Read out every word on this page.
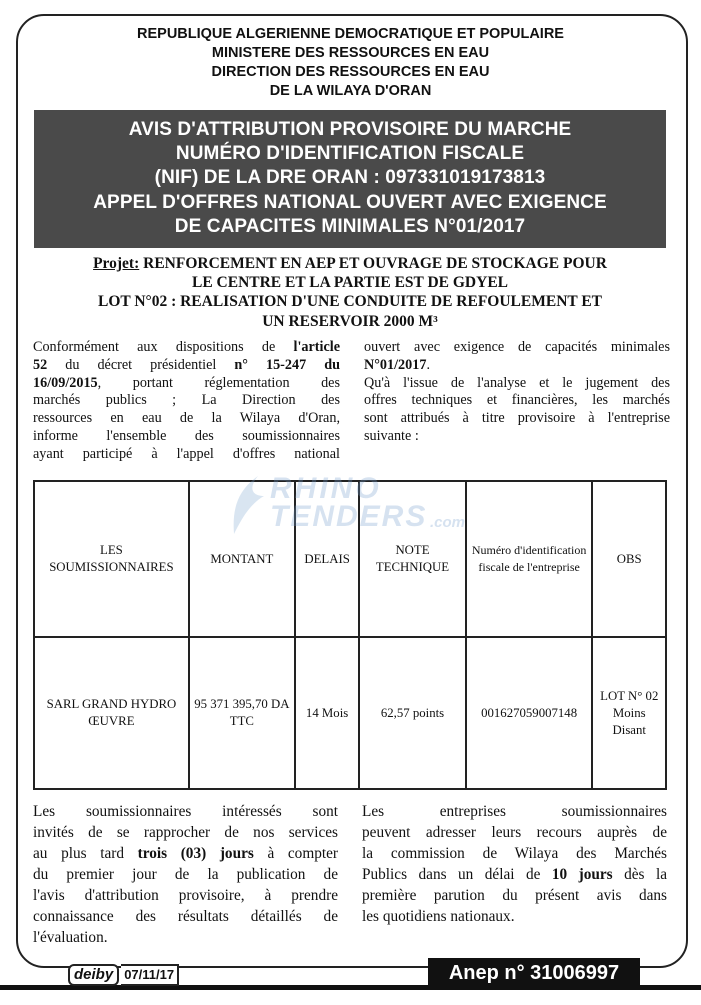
REPUBLIQUE ALGERIENNE DEMOCRATIQUE ET POPULAIRE
MINISTERE DES RESSOURCES EN EAU
DIRECTION DES RESSOURCES EN EAU
DE LA WILAYA D'ORAN
AVIS D'ATTRIBUTION PROVISOIRE DU MARCHE
NUMÉRO D'IDENTIFICATION FISCALE
(NIF) DE LA DRE ORAN : 097331019173813
APPEL D'OFFRES NATIONAL OUVERT AVEC EXIGENCE
DE CAPACITES MINIMALES N°01/2017
Projet: RENFORCEMENT EN AEP ET OUVRAGE DE STOCKAGE POUR
LE CENTRE ET LA PARTIE EST DE GDYEL
LOT N°02 : REALISATION D'UNE CONDUITE DE REFOULEMENT ET
UN RESERVOIR 2000 M³
Conformément aux dispositions de l'article
52 du décret présidentiel n° 15-247 du
16/09/2015, portant réglementation des
marchés publics ; La Direction des
ressources en eau de la Wilaya d'Oran,
informe l'ensemble des soumissionnaires
ayant participé à l'appel d'offres national
ouvert avec exigence de capacités minimales
N°01/2017.
Qu'à l'issue de l'analyse et le jugement des
offres techniques et financières, les marchés
sont attribués à titre provisoire à l'entreprise
suivante :
LES SOUMISSIONNAIRES	MONTANT	DELAIS	NOTE TECHNIQUE	Numéro d'identification fiscale de l'entreprise	OBS
SARL GRAND HYDRO ŒUVRE	95 371 395,70 DA TTC	14 Mois	62,57 points	001627059007148	LOT N° 02 Moins Disant
RHINO
TENDERS .com
Les soumissionnaires intéressés sont
invités de se rapprocher de nos services
au plus tard trois (03) jours à compter
du premier jour de la publication de
l'avis d'attribution provisoire, à prendre
connaissance des résultats détaillés de
l'évaluation.
Les entreprises soumissionnaires
peuvent adresser leurs recours auprès de
la commission de Wilaya des Marchés
Publics dans un délai de 10 jours dès la
première parution du présent avis dans
les quotidiens nationaux.
deiby 07/11/17	Anep n° 31006997
